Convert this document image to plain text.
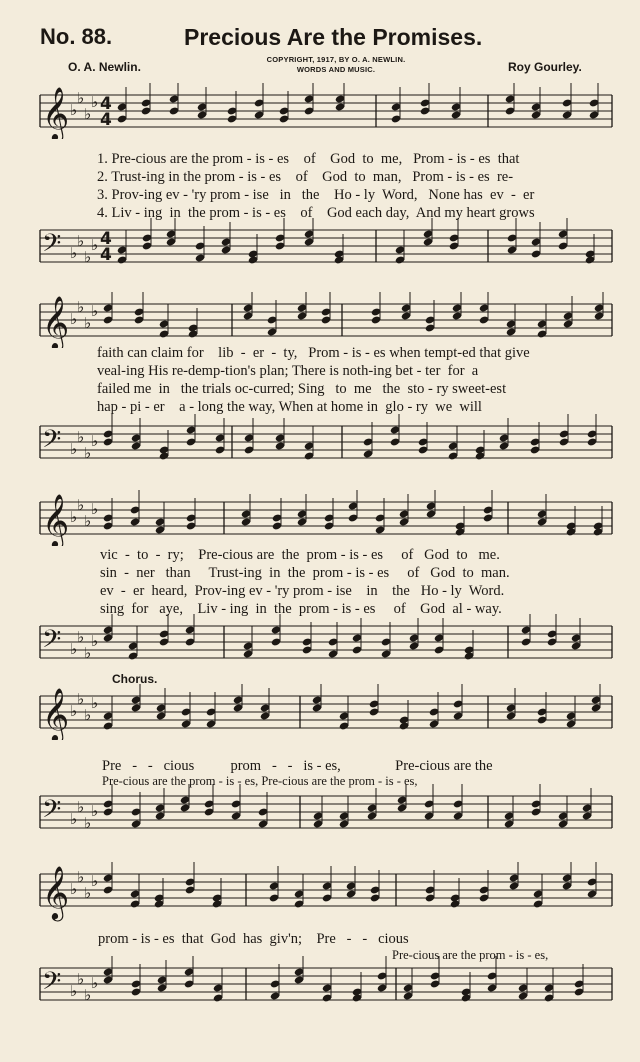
No. 88.	Precious Are the Promises.
O. A. Newlin.
COPYRIGHT, 1917, BY O. A. NEWLIN.
WORDS AND MUSIC.	Roy Gourley.
𝄞 ♭
♭
♭
♭ 4
4
1. Pre-cious are the prom - is - es    of    God  to  me,   Prom - is - es  that
2. Trust-ing in the prom - is - es    of    God  to  man,   Prom - is - es  re-
3. Prov-ing ev - 'ry prom - ise   in   the    Ho - ly  Word,   None has  ev  -  er
4. Liv - ing  in  the prom - is - es    of    God each day,  And my heart grows
𝄢 ♭
♭
♭
♭ 4
4
𝄞 ♭
♭
♭
♭
faith can claim for    lib  -  er  -  ty,   Prom - is - es when tempt-ed that give
veal-ing His re-demp-tion's plan; There is noth-ing bet - ter  for  a
failed me  in   the trials oc-curred; Sing   to  me   the  sto - ry sweet-est
hap - pi - er    a - long the way, When at home in  glo - ry  we  will
𝄢 ♭
♭
♭
♭
𝄞 ♭
♭
♭
♭
vic  -  to  -  ry;    Pre-cious are  the  prom - is - es     of   God  to   me.
sin  -  ner   than     Trust-ing  in  the  prom - is - es     of   God  to  man.
ev  -  er  heard,  Prov-ing ev - 'ry prom - ise    in    the   Ho - ly  Word.
sing  for   aye,    Liv - ing  in  the  prom - is - es     of    God  al - way.
𝄢 ♭
♭
♭
♭
Chorus.
𝄞 ♭
♭
♭
♭
Pre   -   -   cious          prom   -   -   is - es,               Pre-cious are the
Pre-cious are the prom - is - es, Pre-cious are the prom - is - es,
𝄢 ♭
♭
♭
♭
𝄞 ♭
♭
♭
♭
prom - is - es  that  God  has  giv'n;    Pre   -   -   cious
Pre-cious are the prom - is - es,
𝄢 ♭
♭
♭
♭
